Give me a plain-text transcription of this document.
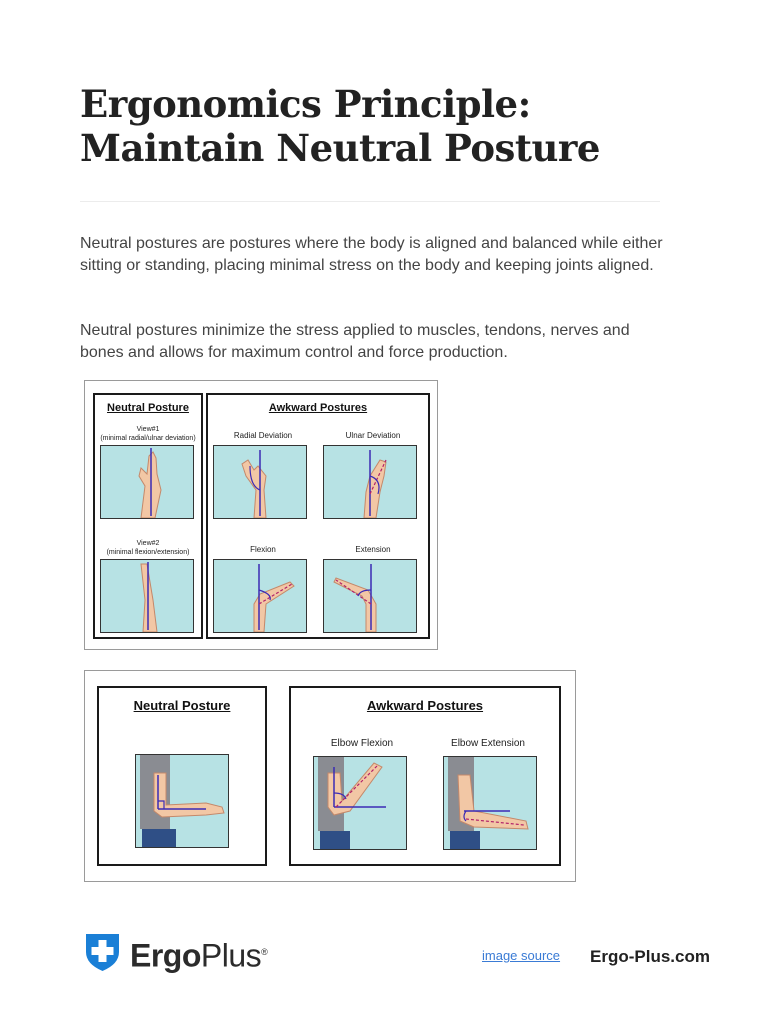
Ergonomics Principle:
Maintain Neutral Posture

Neutral postures are postures where the body is aligned and balanced while either sitting or standing, placing minimal stress on the body and keeping joints aligned.

Neutral postures minimize the stress applied to muscles, tendons, nerves and bones and allows for maximum control and force production.

Neutral Posture
View#1
(minimal radial/ulnar deviation)
View#2
(minimal flexion/extension)
Awkward Postures
Radial Deviation	Ulnar Deviation
Flexion	Extension
Neutral Posture	Awkward Postures
Elbow Flexion	Elbow Extension
ErgoPlus®	image source Ergo-Plus.com
